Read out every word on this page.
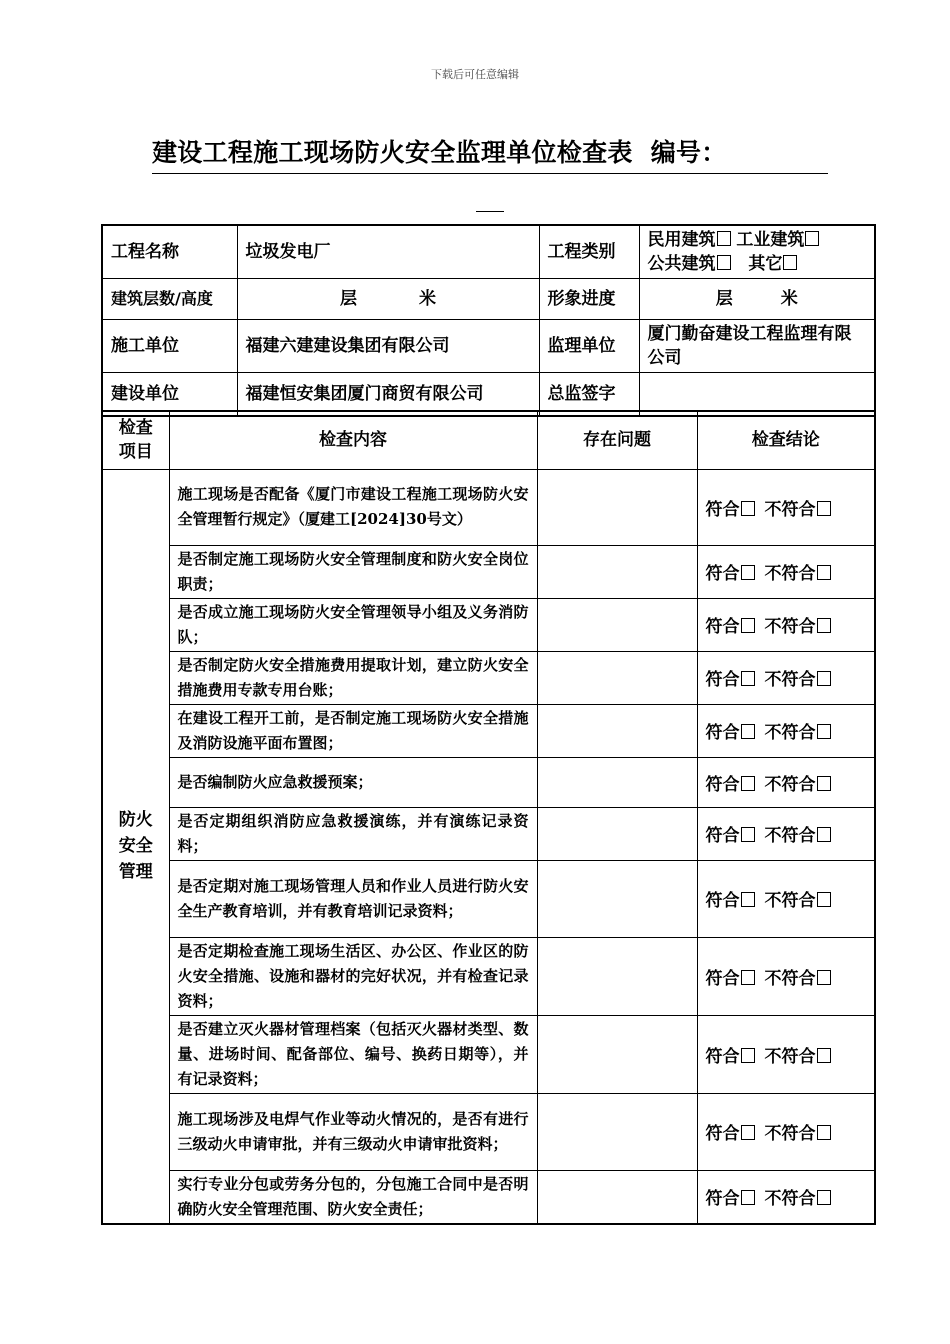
下载后可任意编辑
建设工程施工现场防火安全监理单位检查表 编号：
工程名称	垃圾发电厂	工程类别	民用建筑 工业建筑
公共建筑 其它

建筑层数/高度	层 米	形象进度	层 米
施工单位	福建六建建设集团有限公司	监理单位	厦门勤奋建设工程监理有限公司
建设单位	福建恒安集团厦门商贸有限公司	总监签字	
检查项目	检查内容	存在问题	检查结论

防火安全管理	施工现场是否配备《厦门市建设工程施工现场防火安全管理暂行规定》（厦建工[2024]30号文）		符合 不符合
	是否制定施工现场防火安全管理制度和防火安全岗位职责；		符合 不符合
	是否成立施工现场防火安全管理领导小组及义务消防队；		符合 不符合
	是否制定防火安全措施费用提取计划，建立防火安全措施费用专款专用台账；		符合 不符合
	在建设工程开工前，是否制定施工现场防火安全措施及消防设施平面布置图；		符合 不符合
	是否编制防火应急救援预案；		符合 不符合
	是否定期组织消防应急救援演练，并有演练记录资料；		符合 不符合
	是否定期对施工现场管理人员和作业人员进行防火安全生产教育培训，并有教育培训记录资料；		符合 不符合
	是否定期检查施工现场生活区、办公区、作业区的防火安全措施、设施和器材的完好状况，并有检查记录资料；		符合 不符合
	是否建立灭火器材管理档案（包括灭火器材类型、数量、进场时间、配备部位、编号、换药日期等），并有记录资料；		符合 不符合
	施工现场涉及电焊气作业等动火情况的，是否有进行三级动火申请审批，并有三级动火申请审批资料；		符合 不符合
	实行专业分包或劳务分包的，分包施工合同中是否明确防火安全管理范围、防火安全责任；		符合 不符合
